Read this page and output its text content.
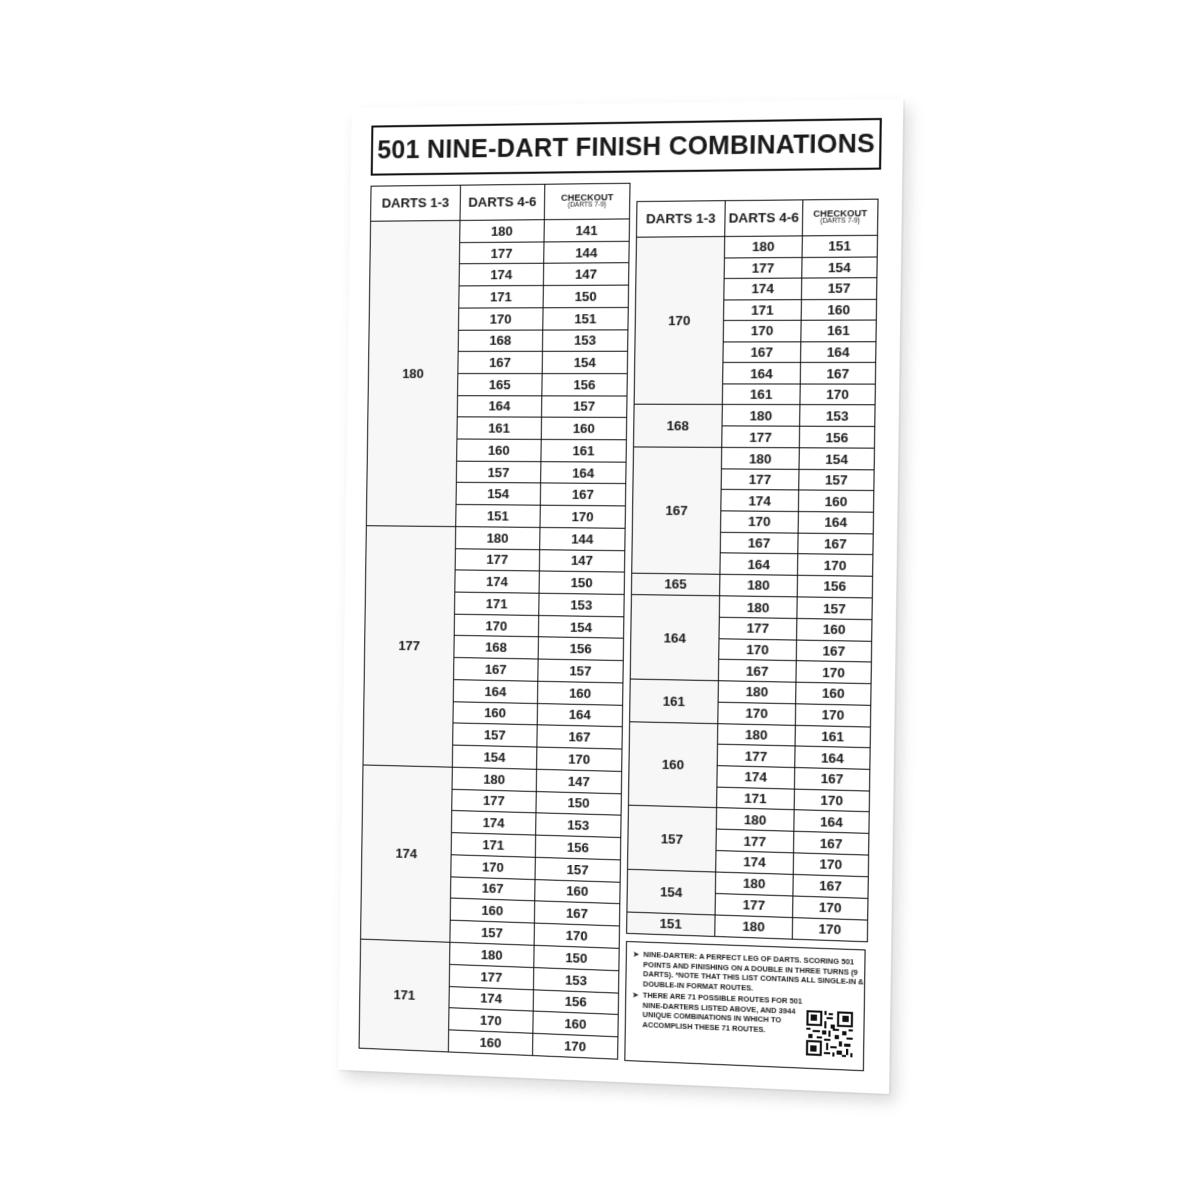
501 NINE-DART FINISH COMBINATIONS
DARTS 1-3	DARTS 4-6	CHECKOUT
(DARTS 7-9)
180
180	141
177	144
174	147
171	150
170	151
168	153
167	154
165	156
164	157
161	160
160	161
157	164
154	167
151	170
177
180	144
177	147
174	150
171	153
170	154
168	156
167	157
164	160
160	164
157	167
154	170
174
180	147
177	150
174	153
171	156
170	157
167	160
160	167
157	170
171
180	150
177	153
174	156
170	160
160	170
DARTS 1-3 DARTS 4-6	CHECKOUT
(DARTS 7-9)
170
180	151
177	154
174	157
171	160
170	161
167	164
164	167
161	170
168
180	153
177	156
167
180	154
177	157
174	160
170	164
167	167
164	170
165	180	156
164
180	157
177	160
170	167
167	170
161
180	160
170	170
160
180	161
177	164
174	167
171	170
157
180	164
177	167
174	170
154
180	167
177	170
151	180	170
➤ NINE-DARTER: A PERFECT LEG OF DARTS. SCORING 501 POINTS AND FINISHING ON A DOUBLE IN THREE TURNS (9 DARTS). *NOTE THAT THIS LIST CONTAINS ALL SINGLE-IN & DOUBLE-IN FORMAT ROUTES.
➤ THERE ARE 71 POSSIBLE ROUTES FOR 501 NINE-DARTERS LISTED ABOVE, AND 3944 UNIQUE COMBINATIONS IN WHICH TO ACCOMPLISH THESE 71 ROUTES.
